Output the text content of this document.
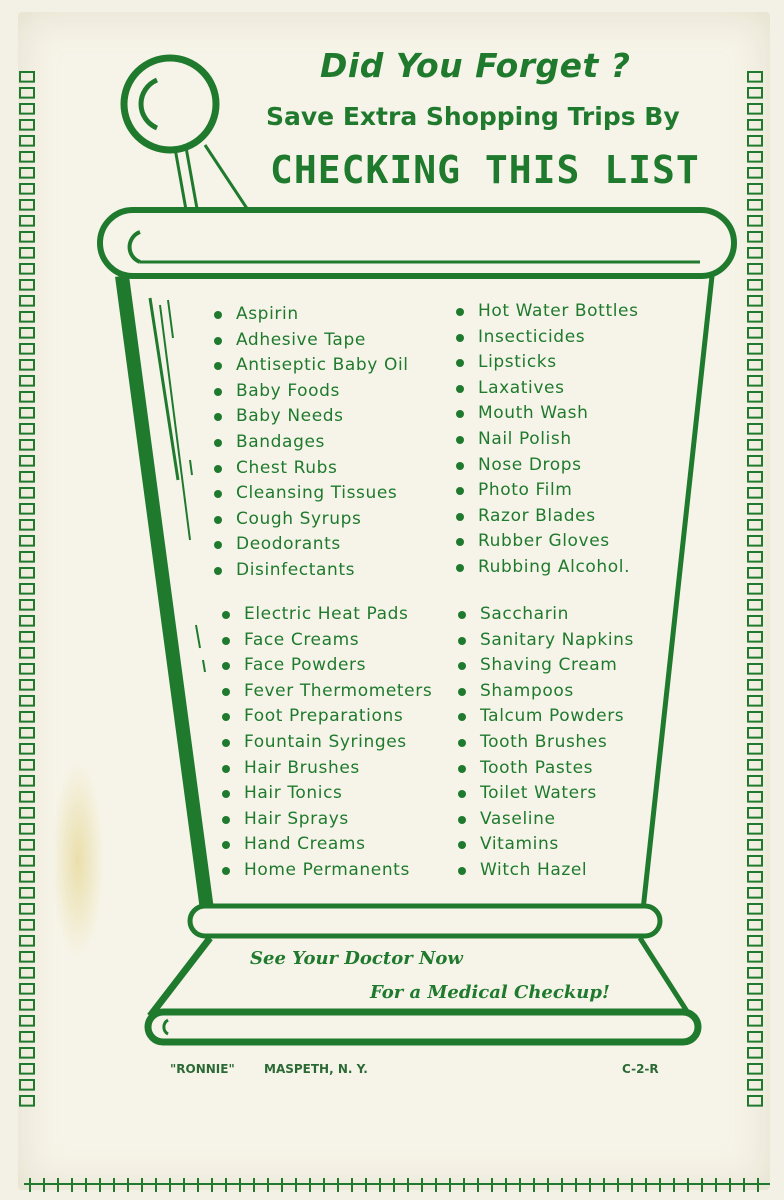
Did You Forget ?

Save Extra Shopping Trips By

CHECKING THIS LIST

Aspirin
Adhesive Tape
Antiseptic Baby Oil
Baby Foods
Baby Needs
Bandages
Chest Rubs
Cleansing Tissues
Cough Syrups
Deodorants
Disinfectants
Electric Heat Pads
Face Creams
Face Powders
Fever Thermometers
Foot Preparations
Fountain Syringes
Hair Brushes
Hair Tonics
Hair Sprays
Hand Creams
Home Permanents
Hot Water Bottles
Insecticides
Lipsticks
Laxatives
Mouth Wash
Nail Polish
Nose Drops
Photo Film
Razor Blades
Rubber Gloves
Rubbing Alcohol.
Saccharin
Sanitary Napkins
Shaving Cream
Shampoos
Talcum Powders
Tooth Brushes
Tooth Pastes
Toilet Waters
Vaseline
Vitamins
Witch Hazel

See Your Doctor Now

For a Medical Checkup!

"RONNIE" MASPETH, N. Y.	C-2-R
